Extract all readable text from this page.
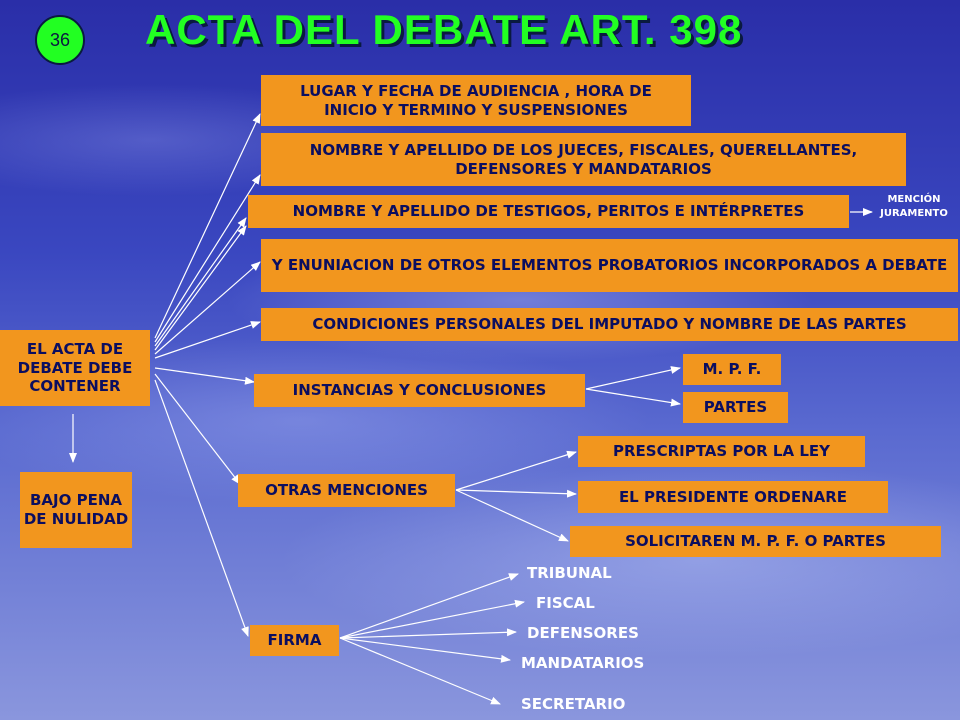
36	ACTA DEL DEBATE ART. 398
EL ACTA DE DEBATE DEBE CONTENER
BAJO PENA DE NULIDAD
LUGAR Y FECHA DE AUDIENCIA , HORA DE INICIO Y TERMINO Y SUSPENSIONES
NOMBRE Y APELLIDO DE LOS JUECES, FISCALES, QUERELLANTES, DEFENSORES Y MANDATARIOS
NOMBRE Y APELLIDO DE TESTIGOS, PERITOS E INTÉRPRETES
MENCIÓN JURAMENTO
Y ENUNIACION DE OTROS ELEMENTOS PROBATORIOS INCORPORADOS A DEBATE
CONDICIONES PERSONALES DEL IMPUTADO Y NOMBRE DE LAS PARTES
INSTANCIAS Y CONCLUSIONES
M. P. F.
PARTES
OTRAS MENCIONES
PRESCRIPTAS POR LA LEY
EL PRESIDENTE ORDENARE
SOLICITAREN M. P. F. O PARTES
FIRMA
TRIBUNAL
FISCAL
DEFENSORES
MANDATARIOS
SECRETARIO
